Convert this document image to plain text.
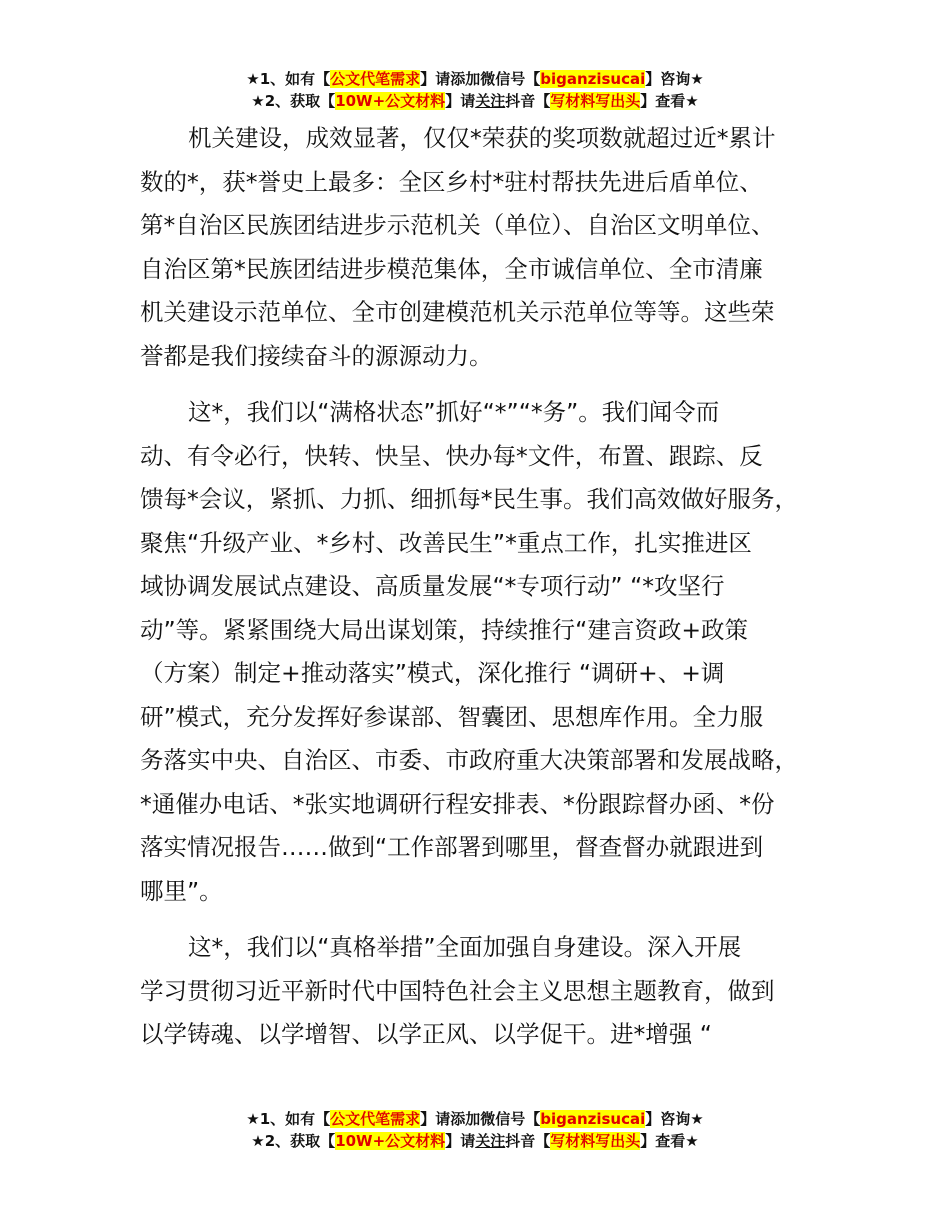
★1、如有【公文代笔需求】请添加微信号【biganzisucai】咨询★
★2、获取【10W+公文材料】请关注抖音【写材料写出头】查看★
机关建设，成效显著，仅仅*荣获的奖项数就超过近*累计
数的*，获*誉史上最多：全区乡村*驻村帮扶先进后盾单位、
第*自治区民族团结进步示范机关（单位）、自治区文明单位、
自治区第*民族团结进步模范集体，全市诚信单位、全市清廉
机关建设示范单位、全市创建模范机关示范单位等等。这些荣
誉都是我们接续奋斗的源源动力。
这*，我们以“满格状态”抓好“*”“*务”。我们闻令而
动、有令必行，快转、快呈、快办每*文件，布置、跟踪、反
馈每*会议，紧抓、力抓、细抓每*民生事。我们高效做好服务，
聚焦“升级产业、*乡村、改善民生”*重点工作，扎实推进区
域协调发展试点建设、高质量发展“*专项行动” “*攻坚行
动”等。紧紧围绕大局出谋划策，持续推行“建言资政+政策
（方案）制定+推动落实”模式，深化推行 “调研+、+调
研”模式，充分发挥好参谋部、智囊团、思想库作用。全力服
务落实中央、自治区、市委、市政府重大决策部署和发展战略，
*通催办电话、*张实地调研行程安排表、*份跟踪督办函、*份
落实情况报告……做到“工作部署到哪里，督查督办就跟进到
哪里”。
这*，我们以“真格举措”全面加强自身建设。深入开展
学习贯彻习近平新时代中国特色社会主义思想主题教育，做到
以学铸魂、以学增智、以学正风、以学促干。进*增强 “
★1、如有【公文代笔需求】请添加微信号【biganzisucai】咨询★
★2、获取【10W+公文材料】请关注抖音【写材料写出头】查看★
